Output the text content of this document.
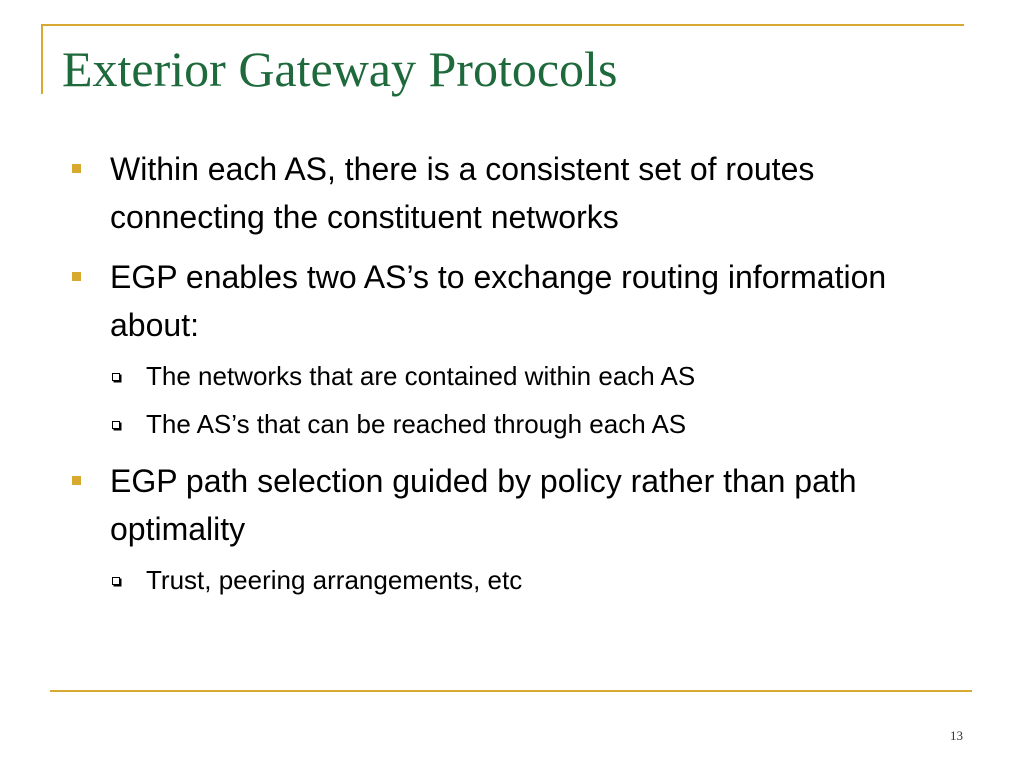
Exterior Gateway Protocols
Within each AS, there is a consistent set of routes connecting the constituent networks
EGP enables two AS’s to exchange routing information about:
The networks that are contained within each AS
The AS’s that can be reached through each AS
EGP path selection guided by policy rather than path optimality
Trust, peering arrangements, etc
13
